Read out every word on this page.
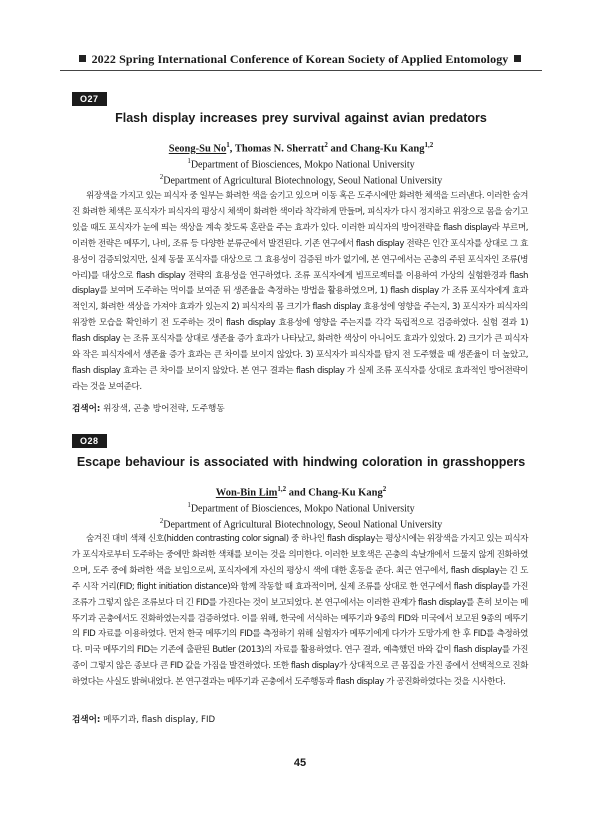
2022 Spring International Conference of Korean Society of Applied Entomology
O27
Flash display increases prey survival against avian predators
Seong-Su No$^1$, Thomas N. Sherratt$^2$ and Chang-Ku Kang$^{1,2}$
$^1$Department of Biosciences, Mokpo National University
$^2$Department of Agricultural Biotechnology, Seoul National University

위장색을 가지고 있는 피식자 중 일부는 화려한 색을 숨기고 있으며 이동 혹은 도주시에만 화려한 체색을 드러낸다. 이러한 숨겨진 화려한 체색은 포식자가 피식자의 평상시 체색이 화려한 색이라 착각하게 만들며, 피식자가 다시 정지하고 위장으로 몸을 숨기고 있을 때도 포식자가 눈에 띄는 색상을 계속 찾도록 혼란을 주는 효과가 있다. 이러한 피식자의 방어전략을 flash display라 부르며, 이러한 전략은 메뚜기, 나비, 조류 등 다양한 분류군에서 발견된다. 기존 연구에서 flash display 전략은 인간 포식자를 상대로 그 효용성이 검증되었지만, 실제 동물 포식자를 대상으로 그 효용성이 검증된 바가 없기에, 본 연구에서는 곤충의 주된 포식자인 조류(병아리)를 대상으로 flash display 전략의 효용성을 연구하였다. 조류 포식자에게 빔프로젝터를 이용하여 가상의 실험환경과 flash display를 보여며 도주하는 먹이를 보여준 뒤 생존율을 측정하는 방법을 활용하였으며, 1) flash display 가 조류 포식자에게 효과적인지, 화려한 색상을 가져야 효과가 있는지 2) 피식자의 몸 크기가 flash display 효용성에 영향을 주는지, 3) 포식자가 피식자의 위장한 모습을 확인하기 전 도주하는 것이 flash display 효용성에 영향을 주는지를 각각 독립적으로 검증하였다. 실험 결과 1) flash display 는 조류 포식자를 상대로 생존율 증가 효과가 나타났고, 화려한 색상이 아니어도 효과가 있었다. 2) 크기가 큰 피식자와 작은 피식자에서 생존율 증가 효과는 큰 차이를 보이지 않았다. 3) 포식자가 피식자를 탐지 전 도주했을 때 생존율이 더 높았고, flash display 효과는 큰 차이를 보이지 않았다. 본 연구 결과는 flash display 가 실제 조류 포식자를 상대로 효과적인 방어전략이라는 것을 보여준다.

검색어: 위장색, 곤충 방어전략, 도주행동
O28
Escape behaviour is associated with hindwing coloration in grasshoppers
Won-Bin Lim$^{1,2}$ and Chang-Ku Kang$^2$
$^1$Department of Biosciences, Mokpo National University
$^2$Department of Agricultural Biotechnology, Seoul National University

숨겨진 대비 색채 신호(hidden contrasting color signal) 중 하나인 flash display는 평상시에는 위장색을 가지고 있는 피식자가 포식자로부터 도주하는 중에만 화려한 색채를 보이는 것을 의미한다. 이러한 보호색은 곤충의 속날개에서 드물지 않게 진화하였으며, 도주 중에 화려한 색을 보임으로써, 포식자에게 자신의 평상시 색에 대한 혼동을 준다. 최근 연구에서, flash display는 긴 도주 시작 거리(FID; flight initiation distance)와 함께 작동할 때 효과적이며, 실제 조류를 상대로 한 연구에서 flash display를 가진 조류가 그렇지 않은 조류보다 더 긴 FID를 가진다는 것이 보고되었다. 본 연구에서는 이러한 관계가 flash display를 흔히 보이는 메뚜기과 곤충에서도 진화하였는지를 검증하였다. 이를 위해, 한국에 서식하는 메뚜기과 9종의 FID와 미국에서 보고된 9종의 메뚜기의 FID 자료를 이용하였다. 먼저 한국 메뚜기의 FID를 측정하기 위해 실험자가 메뚜기에게 다가가 도망가게 한 후 FID를 측정하였다. 미국 메뚜기의 FID는 기존에 출판된 Butler (2013)의 자료를 활용하였다. 연구 결과, 예측했던 바와 같이 flash display를 가진 종이 그렇지 않은 종보다 큰 FID 값을 가짐을 발견하였다. 또한 flash display가 상대적으로 큰 몸집을 가진 종에서 선택적으로 진화하였다는 사실도 밝혀내었다. 본 연구결과는 메뚜기과 곤충에서 도주행동과 flash display 가 공진화하였다는 것을 시사한다.

검색어: 메뚜기과, flash display, FID
45
